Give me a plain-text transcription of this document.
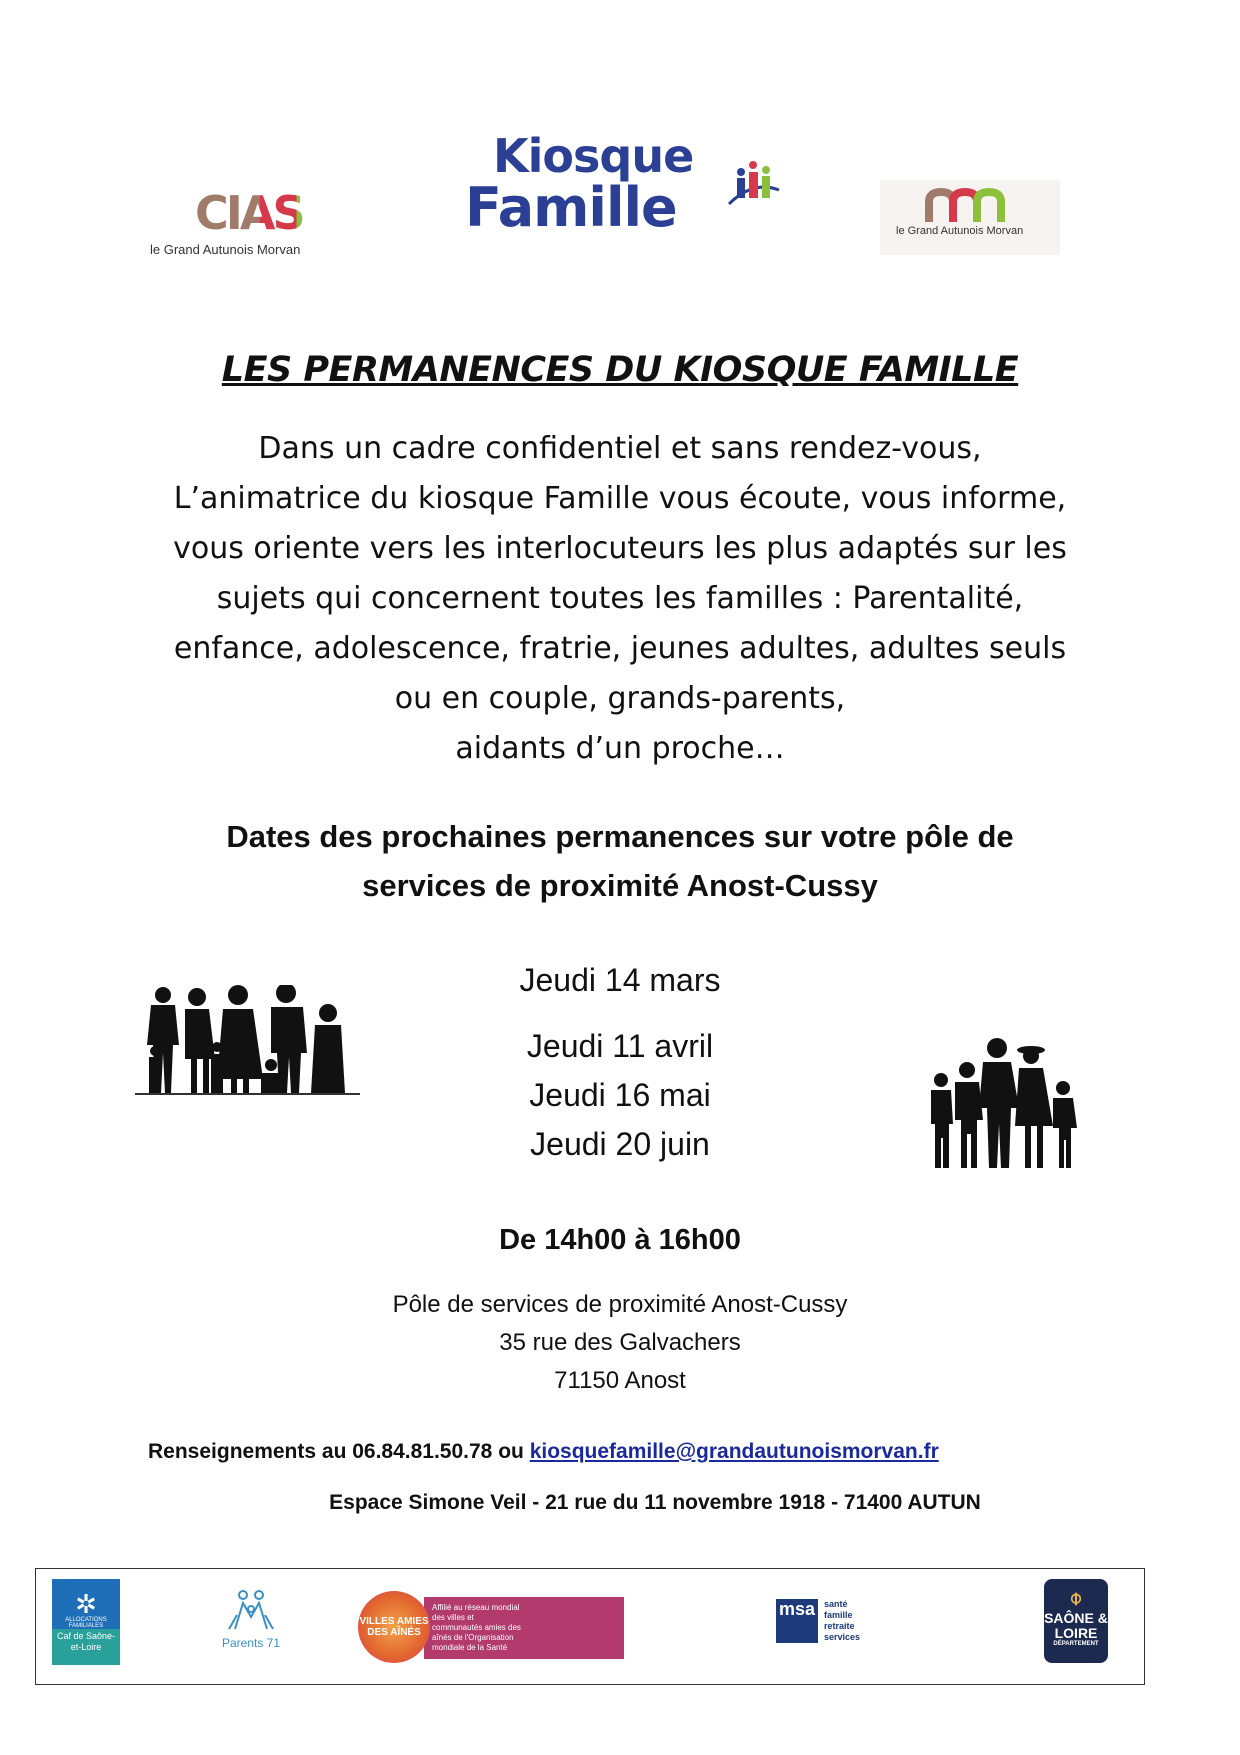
CIAS
le Grand Autunois Morvan
Kiosque
Famille	le Grand Autunois Morvan
LES PERMANENCES DU KIOSQUE FAMILLE
Dans un cadre confidentiel et sans rendez-vous,
L’animatrice du kiosque Famille vous écoute, vous informe,
vous oriente vers les interlocuteurs les plus adaptés sur les
sujets qui concernent toutes les familles : Parentalité,
enfance, adolescence, fratrie, jeunes adultes, adultes seuls
ou en couple, grands-parents,
aidants d’un proche…
Dates des prochaines permanences sur votre pôle de
services de proximité Anost-Cussy
Jeudi 14 mars
Jeudi 11 avril
Jeudi 16 mai
Jeudi 20 juin
De 14h00 à 16h00
Pôle de services de proximité Anost-Cussy
35 rue des Galvachers
71150 Anost
Renseignements au 06.84.81.50.78 ou kiosquefamille@grandautunoismorvan.fr
Espace Simone Veil - 21 rue du 11 novembre 1918 - 71400 AUTUN
✲
ALLOCATIONS FAMILIALES
Caf de Saône-et-Loire	Parents 71
Affilié au réseau mondial des villes et communautés amies des aînés de l'Organisation mondiale de la Santé
VILLES AMIES DES AÎNÉS
msa santé
famille
retraite
services
⌽
SAÔNE & LOIRE
DÉPARTEMENT
